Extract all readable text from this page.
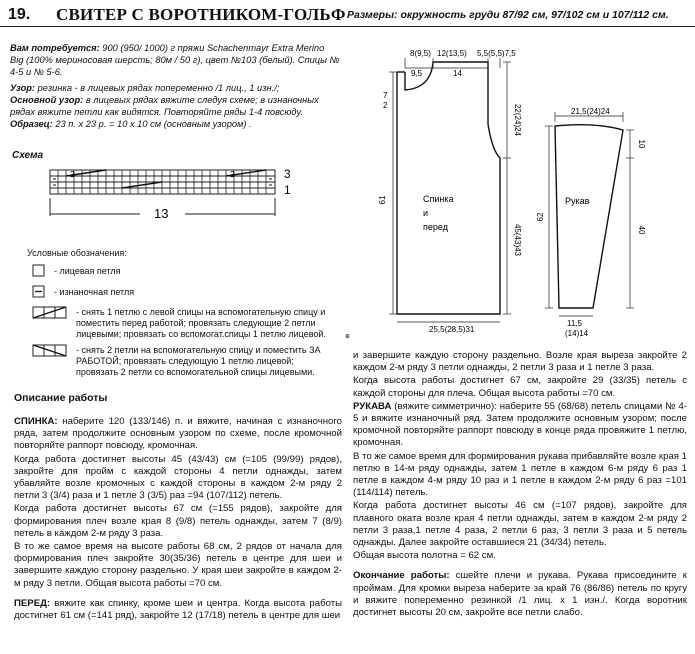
19. СВИТЕР С ВОРОТНИКОМ-ГОЛЬФ Размеры: окружность груди 87/92 см, 97/102 см и 107/112 см.
Вам потребуется: 900 (950/ 1000) г пряжи Schachenmayr Extra Merino Big (100% мериносовая шерсть; 80м / 50 г), цвет №103 (белый). Спицы № 4-5 и № 5-6.

Узор: резинка - в лицевых рядах попеременно /1 лиц., 1 изн./;

Основной узор: в лицевых рядах вяжите следуя схеме; в изнаночных рядах вяжите петли как видятся. Повторяйте ряды 1-4 повсюду.

Образец: 23 п. х 23 р. = 10 х 10 см (основным узором) .

Схема
2	2	3
1
13
Условные обозначения:
- лицевая петля
- изнаночная петля
- снять 1 петлю с левой спицы на вспомогательную спицу и поместить перед работой; провязать следующие 2 петли лицевыми; провязать со вспомогат.спицы 1 петлю лицевой.
- снять 2 петли на вспомогательную спицу и поместить ЗА РАБОТОЙ; провязать следующую 1 петлю лицевой; провязать 2 петли со вспомогательной спицы лицевыми.
8(9,5) 12(13,5) 5,5(5,5)7,5
9,5	14
7
2	22(24)24
45(43)43
61
25,5(28,5)31
21,5(24)24
10
40
62
11,5
(14)14
Спинка
и
перед
Рукав
⊕
Описание работы

СПИНКА: наберите 120 (133/146) п. и вяжите, начиная с изнаночного ряда, затем продолжите основным узором по схеме, после кромочной повторяйте раппорт повсюду, кромочная.

Когда работа достигнет высоты 45 (43/43) см (=105 (99/99) рядов), закройте для пройм с каждой стороны 4 петли однажды, затем убавляйте возле кромочных с каждой стороны в каждом 2-м ряду 2 петли 3 (3/4) раза и 1 петле 3 (3/5) раз =94 (107/112) петель.

Когда работа достигнет высоты 67 см (=155 рядов), закройте для формирования плеч возле края 8 (9/8) петель однажды, затем 7 (8/9) петель в каждом 2-м ряду 3 раза.

В то же самое время на высоте работы 68 см, 2 рядов от начала для формирования плеч закройте 30(35/36) петель в центре для шеи и завершите каждую сторону раздельно. У края шеи закройте в каждом 2-м ряду 3 петли. Общая высота работы =70 см.

ПЕРЕД: вяжите как спинку, кроме шеи и центра. Когда высота работы достигнет 61 см (=141 ряд), закройте 12 (17/18) петель в центре для шеи

и завершите каждую сторону раздельно. Возле края выреза закройте 2 каждом 2-м ряду 3 петли однажды, 2 петли 3 раза и 1 петле 3 раза.

Когда высота работы достигнет 67 см, закройте 29 (33/35) петель с каждой стороны для плеча. Общая высота работы =70 см.

РУКАВА (вяжите симметрично): наберите 55 (68/68) петель спицами № 4-5 и вяжите изнаночный ряд. Затем продолжите основным узором; после кромочной повторяйте раппорт повсюду в конце ряда провяжите 1 петлю, кромочная.

В то же самое время для формирования рукава прибавляйте возле края 1 петлю в 14-м ряду однажды, затем 1 петле в каждом 6-м ряду 6 раз 1 петле в каждом 4-м ряду 10 раз и 1 петле в каждом 2-м ряду 6 раз =101 (114/114) петель.

Когда работа достигнет высоты 46 см (=107 рядов), закройте для плавного оката возле края 4 петли однажды, затем в каждом 2-м ряду 2 петли 3 раза,1 петле 4 раза, 2 петли 6 раз, 3 петли 3 раза и 5 петель однажды. Далее закройте оставшиеся 21 (34/34) петель.

Общая высота полотна = 62 см.

Окончание работы: сшейте плечи и рукава. Рукава присоедините к проймам. Для кромки выреза наберите за край 76 (86/86) петель по кругу и вяжите попеременно резинкой /1 лиц. х 1 изн./. Когда воротник достигнет высоты 20 см, закройте все петли слабо.
